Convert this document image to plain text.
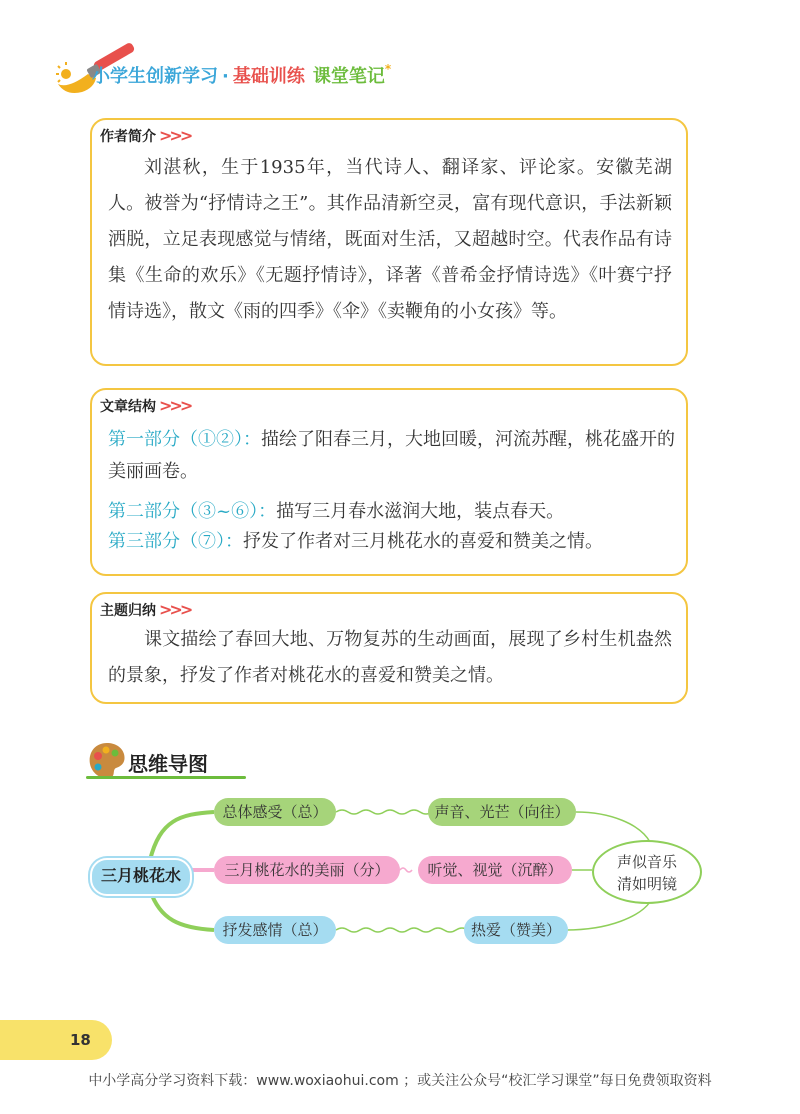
小学生创新学习 · 基础训练 课堂笔记*
作者简介 >>>
刘湛秋，生于1935年，当代诗人、翻译家、评论家。安徽芜湖人。被誉为“抒情诗之王”。其作品清新空灵，富有现代意识，手法新颖洒脱，立足表现感觉与情绪，既面对生活，又超越时空。代表作品有诗集《生命的欢乐》《无题抒情诗》，译著《普希金抒情诗选》《叶赛宁抒情诗选》，散文《雨的四季》《伞》《卖鞭角的小女孩》等。
文章结构 >>>
第一部分（①②）：描绘了阳春三月，大地回暖，河流苏醒，桃花盛开的美丽画卷。
第二部分（③~⑥）：描写三月春水滋润大地，装点春天。
第三部分（⑦）：抒发了作者对三月桃花水的喜爱和赞美之情。
主题归纳 >>>
课文描绘了春回大地、万物复苏的生动画面，展现了乡村生机盎然的景象，抒发了作者对桃花水的喜爱和赞美之情。
思维导图
三月桃花水
总体感受（总）	声音、光芒（向往）
三月桃花水的美丽（分）	听觉、视觉（沉醉）
抒发感情（总）	热爱（赞美）
声似音乐
清如明镜
18
中小学高分学习资料下载：www.woxiaohui.com ；或关注公众号“校汇学习课堂”每日免费领取资料
